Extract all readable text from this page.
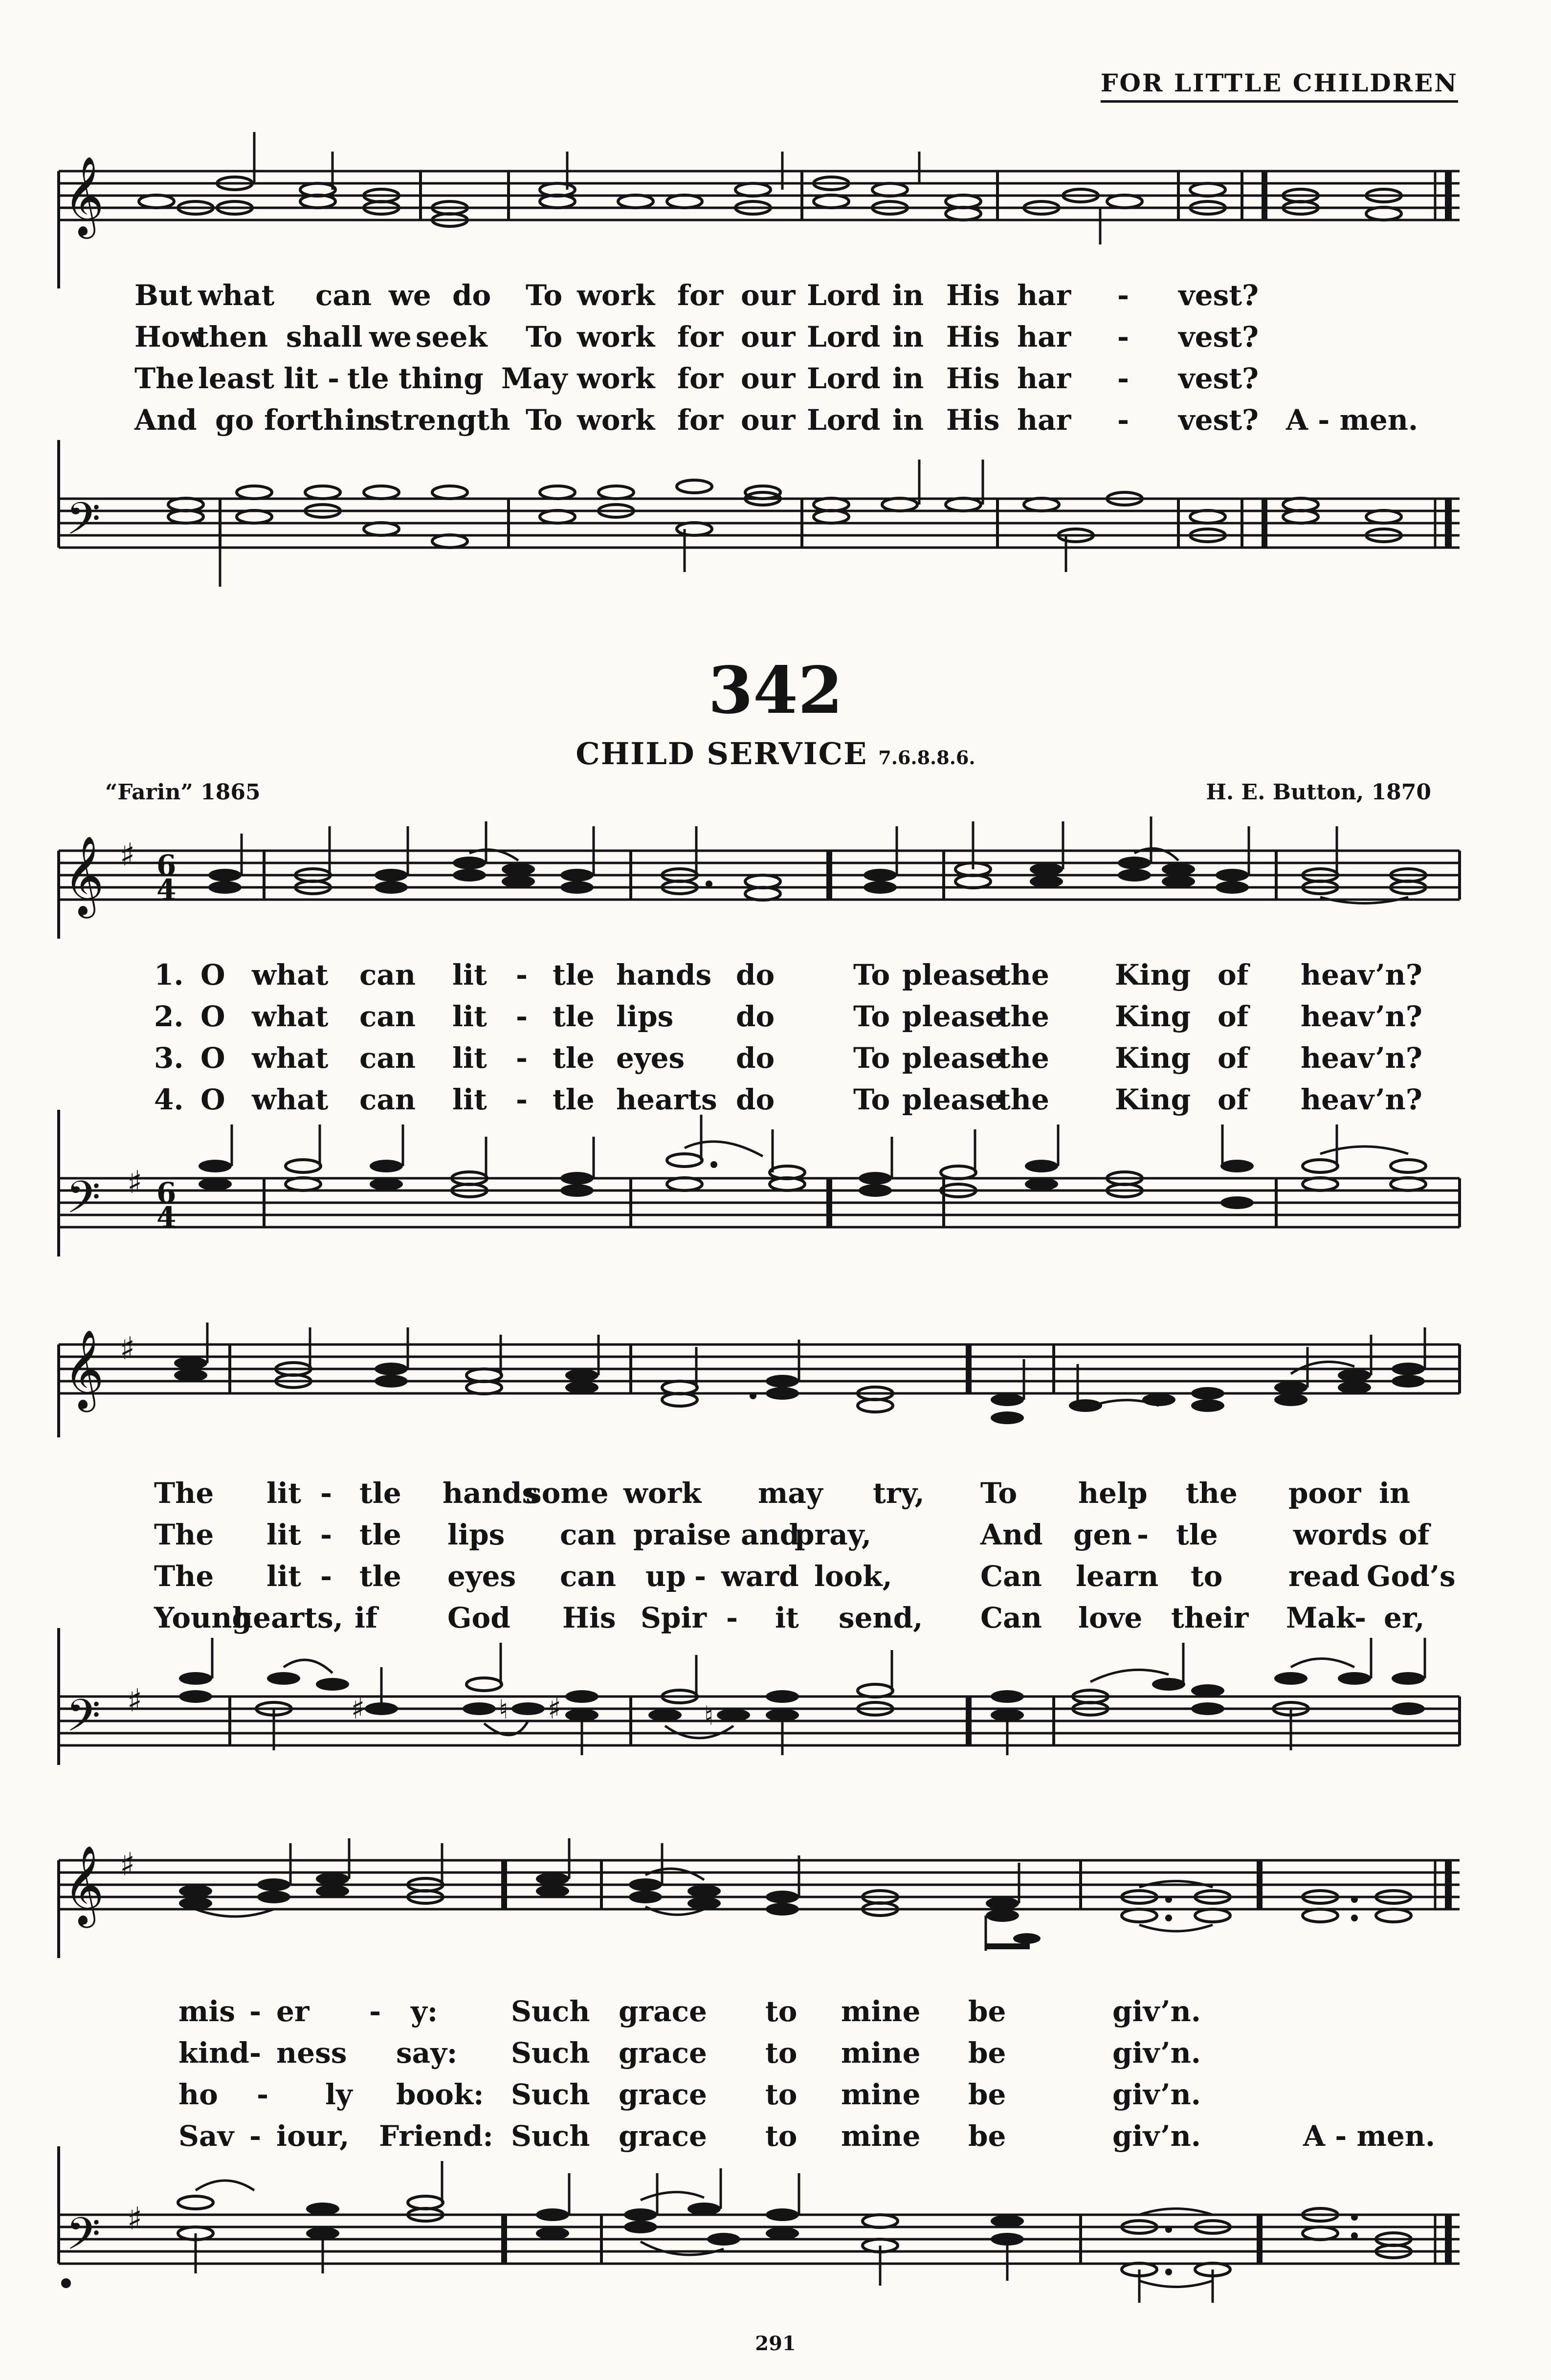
FOR LITTLE CHILDREN
𝄞
But what can we do To work for our Lord in His har - vest?
How
then shall we seek To work for our Lord in His har - vest?
The least lit - tle thing May work for our Lord in His har - vest?
And go forth in
strength To work for our Lord in His har - vest? A - men.
𝄢
342
CHILD SERVICE 7.6.8.8.6.
“Farin” 1865	H. E. Button, 1870
𝄞 ♯ 6
4
1. O what can lit - tle hands do	To please
the King of heav’n?
2. O what can lit - tle lips do	To please
the King of heav’n?
3. O what can lit - tle eyes do	To please
the King of heav’n?
4. O what can lit - tle hearts do	To please
the King of heav’n?
𝄢 ♯ 6
4
𝄞 ♯
The lit - tle hands
some work may try, To help the poor in
The lit - tle lips can praise and
pray,	And gen - tle	words of
The lit - tle eyes can up - ward look,	Can learn to read God’s
Young
hearts, if God His Spir - it send, Can love their Mak
- er,
𝄢 ♯	♯	♯
♮	♮
𝄞 ♯
mis - er - y:	Such grace to mine be	giv’n.
kind - ness say: Such grace to mine be	giv’n.
ho - ly book: Such grace to mine be	giv’n.
Sav - iour, Friend: Such grace to mine be	giv’n.	A - men.
𝄢 ♯
291
